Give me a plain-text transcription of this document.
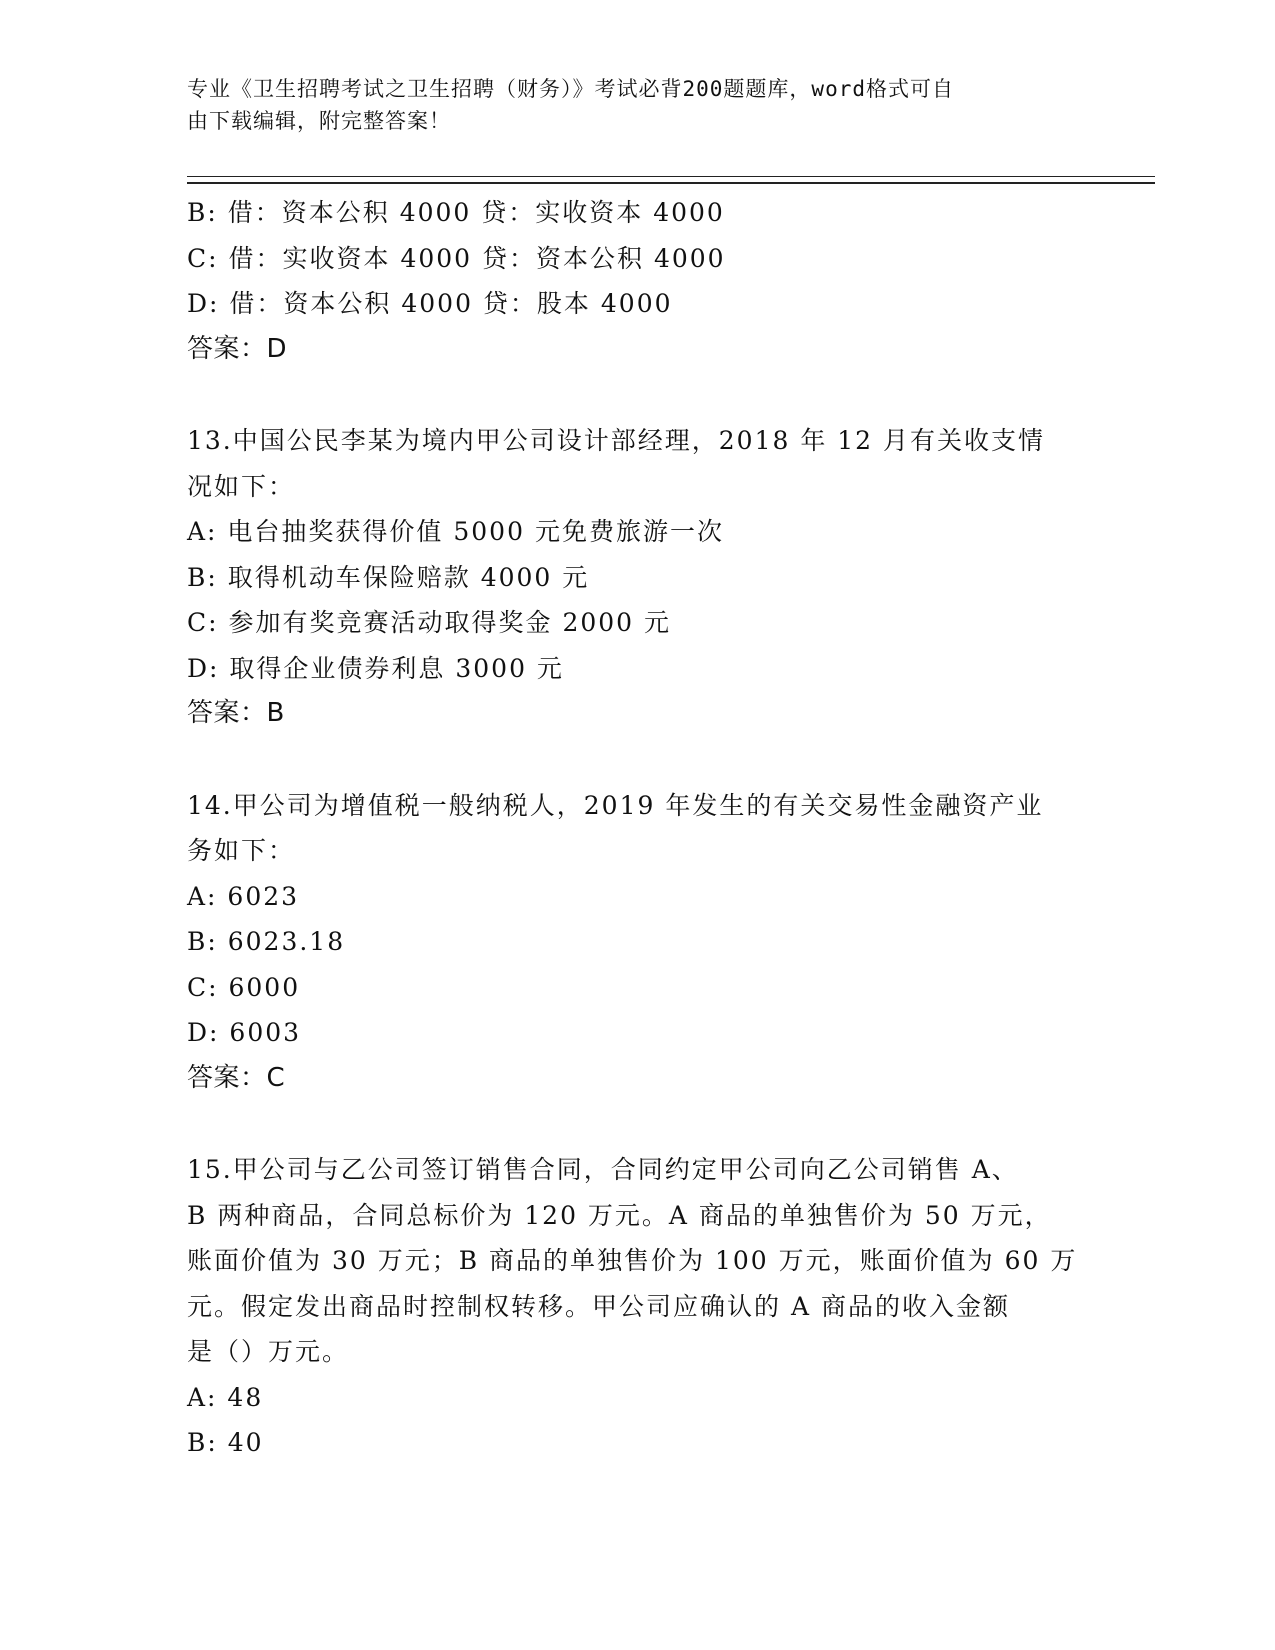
专业《卫生招聘考试之卫生招聘（财务）》考试必背200题题库，word格式可自
由下载编辑，附完整答案！
B: 借：资本公积 4000 贷：实收资本 4000
C: 借：实收资本 4000 贷：资本公积 4000
D: 借：资本公积 4000 贷：股本 4000
答案：D
13.中国公民李某为境内甲公司设计部经理，2018 年 12 月有关收支情
况如下：
A: 电台抽奖获得价值 5000 元免费旅游一次
B: 取得机动车保险赔款 4000 元
C: 参加有奖竞赛活动取得奖金 2000 元
D: 取得企业债券利息 3000 元
答案：B
14.甲公司为增值税一般纳税人，2019 年发生的有关交易性金融资产业
务如下：
A: 6023
B: 6023.18
C: 6000
D: 6003
答案：C
15.甲公司与乙公司签订销售合同，合同约定甲公司向乙公司销售 A、
B 两种商品，合同总标价为 120 万元。A 商品的单独售价为 50 万元，
账面价值为 30 万元；B 商品的单独售价为 100 万元，账面价值为 60 万
元。假定发出商品时控制权转移。甲公司应确认的 A 商品的收入金额
是（）万元。
A: 48
B: 40
